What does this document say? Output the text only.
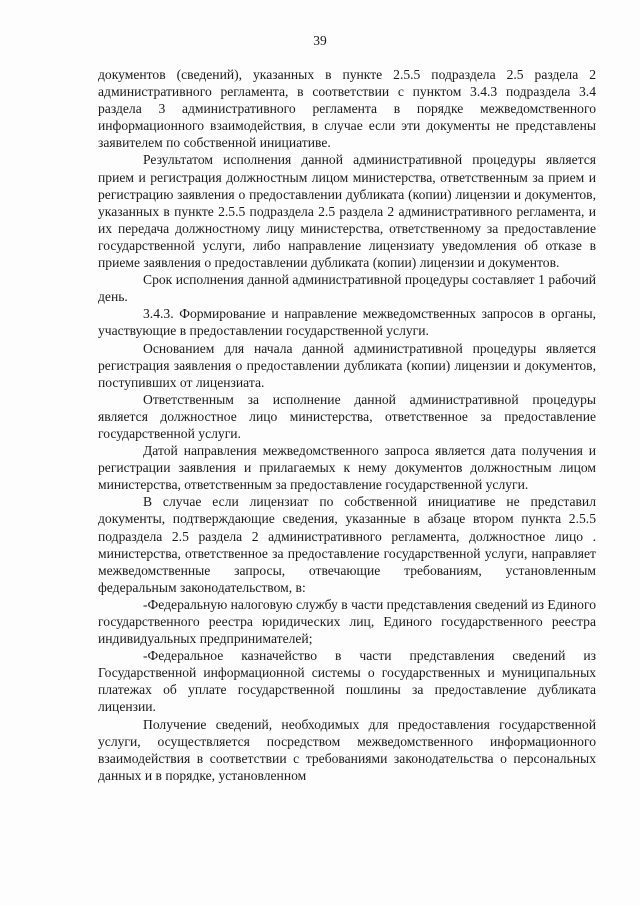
39

документов (сведений), указанных в пункте 2.5.5 подраздела 2.5 раздела 2 административного регламента, в соответствии с пунктом 3.4.3 подраздела 3.4 раздела 3 административного регламента в порядке межведомственного информационного взаимодействия, в случае если эти документы не представлены заявителем по собственной инициативе.

Результатом исполнения данной административной процедуры является прием и регистрация должностным лицом министерства, ответственным за прием и регистрацию заявления о предоставлении дубликата (копии) лицензии и документов, указанных в пункте 2.5.5 подраздела 2.5 раздела 2 административного регламента, и их передача должностному лицу министерства, ответственному за предоставление государственной услуги, либо направление лицензиату уведомления об отказе в приеме заявления о предоставлении дубликата (копии) лицензии и документов.

Срок исполнения данной административной процедуры составляет 1 рабочий день.

3.4.3. Формирование и направление межведомственных запросов в органы, участвующие в предоставлении государственной услуги.

Основанием для начала данной административной процедуры является регистрация заявления о предоставлении дубликата (копии) лицензии и документов, поступивших от лицензиата.

Ответственным за исполнение данной административной процедуры является должностное лицо министерства, ответственное за предоставление государственной услуги.

Датой направления межведомственного запроса является дата получения и регистрации заявления и прилагаемых к нему документов должностным лицом министерства, ответственным за предоставление государственной услуги.

В случае если лицензиат по собственной инициативе не представил документы, подтверждающие сведения, указанные в абзаце втором пункта 2.5.5 подраздела 2.5 раздела 2 административного регламента, должностное лицо . министерства, ответственное за предоставление государственной услуги, направляет межведомственные запросы, отвечающие требованиям, установленным федеральным законодательством, в:

-Федеральную налоговую службу в части представления сведений из Единого государственного реестра юридических лиц, Единого государственного реестра индивидуальных предпринимателей;

-Федеральное казначейство в части представления сведений из Государственной информационной системы о государственных и муниципальных платежах об уплате государственной пошлины за предоставление дубликата лицензии.

Получение сведений, необходимых для предоставления государственной услуги, осуществляется посредством межведомственного информационного взаимодействия в соответствии с требованиями законодательства о персональных данных и в порядке, установленном
